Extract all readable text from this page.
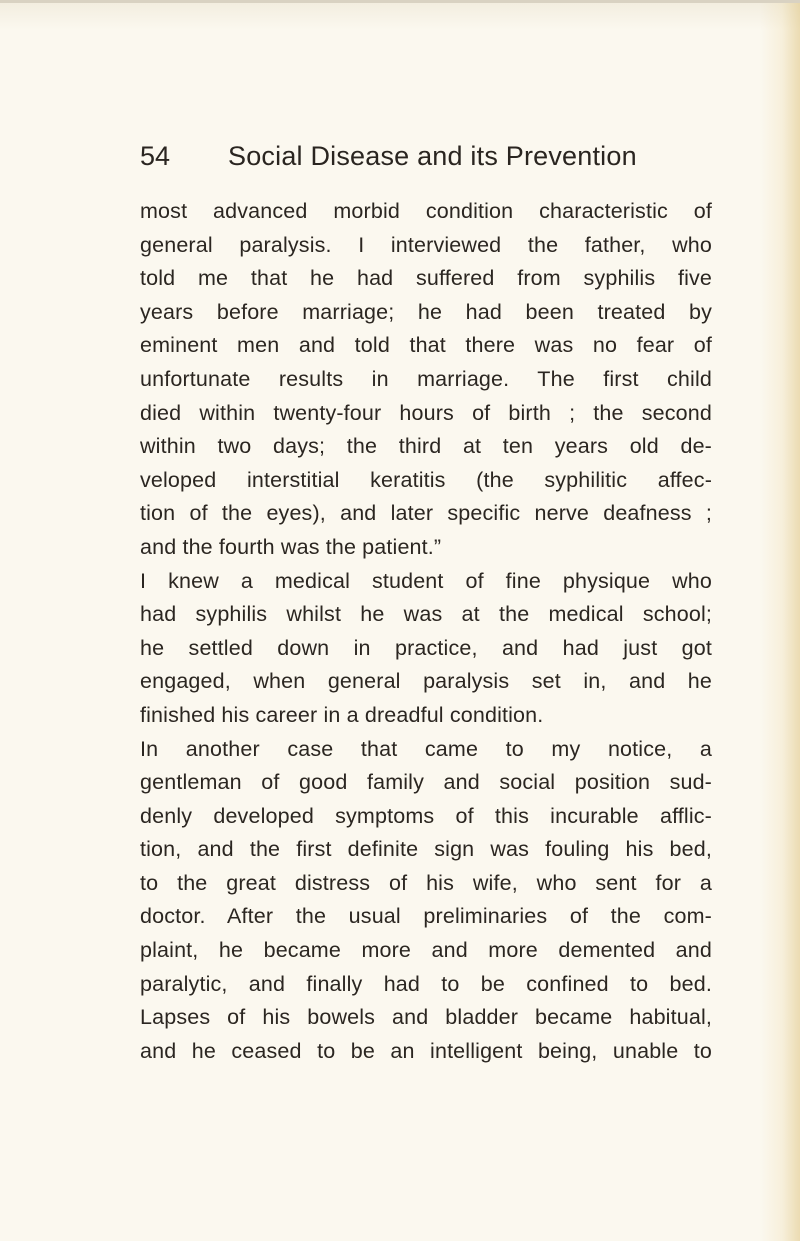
54 Social Disease and its Prevention
most advanced morbid condition characteristic of
general paralysis. I interviewed the father, who
told me that he had suffered from syphilis five
years before marriage; he had been treated by
eminent men and told that there was no fear of
unfortunate results in marriage. The first child
died within twenty-four hours of birth ; the second
within two days; the third at ten years old de-
veloped interstitial keratitis (the syphilitic affec-
tion of the eyes), and later specific nerve deafness ;
and the fourth was the patient.”
I knew a medical student of fine physique who
had syphilis whilst he was at the medical school;
he settled down in practice, and had just got
engaged, when general paralysis set in, and he
finished his career in a dreadful condition.
In another case that came to my notice, a
gentleman of good family and social position sud-
denly developed symptoms of this incurable afflic-
tion, and the first definite sign was fouling his bed,
to the great distress of his wife, who sent for a
doctor. After the usual preliminaries of the com-
plaint, he became more and more demented and
paralytic, and finally had to be confined to bed.
Lapses of his bowels and bladder became habitual,
and he ceased to be an intelligent being, unable to
